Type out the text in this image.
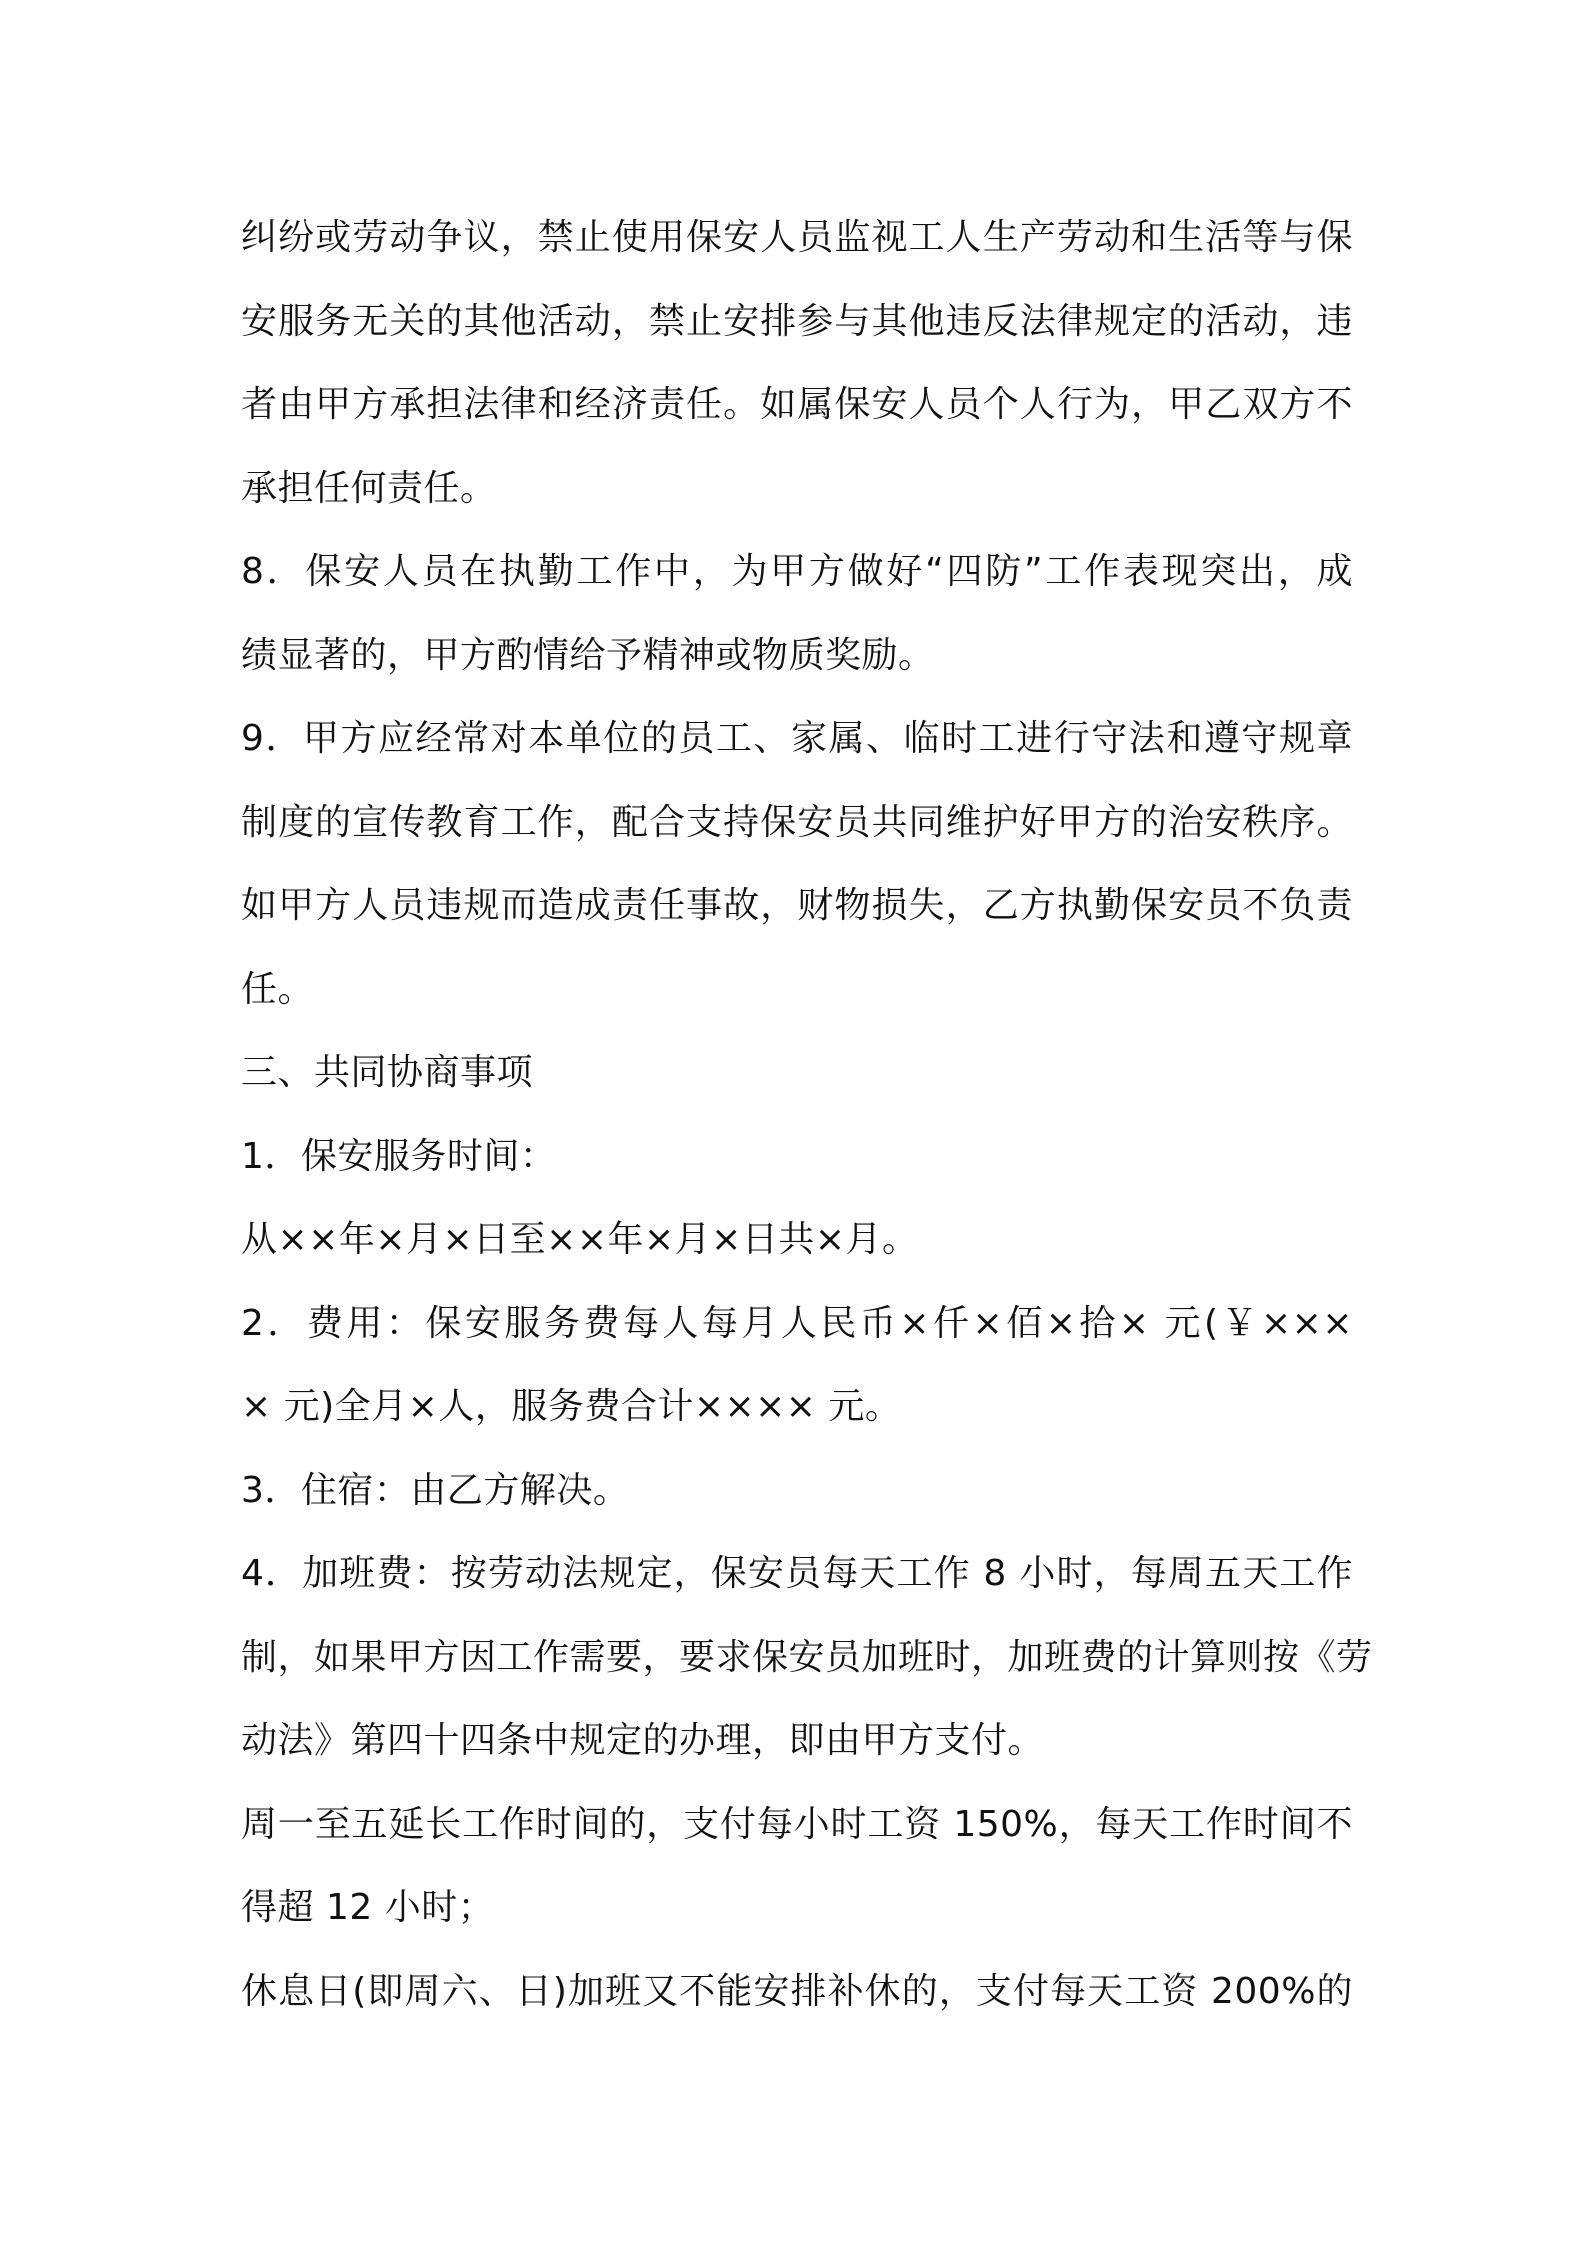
纠纷或劳动争议，禁止使用保安人员监视工人生产劳动和生活等与保
安服务无关的其他活动，禁止安排参与其他违反法律规定的活动，违
者由甲方承担法律和经济责任。如属保安人员个人行为，甲乙双方不
承担任何责任。
8．保安人员在执勤工作中，为甲方做好“四防”工作表现突出，成
绩显著的，甲方酌情给予精神或物质奖励。
9．甲方应经常对本单位的员工、家属、临时工进行守法和遵守规章
制度的宣传教育工作，配合支持保安员共同维护好甲方的治安秩序。
如甲方人员违规而造成责任事故，财物损失，乙方执勤保安员不负责
任。
三、共同协商事项
1．保安服务时间：
从××年×月×日至××年×月×日共×月。
2．费用：保安服务费每人每月人民币×仟×佰×拾× 元(￥×××
× 元)全月×人，服务费合计×××× 元。
3．住宿：由乙方解决。
4．加班费：按劳动法规定，保安员每天工作 8 小时，每周五天工作
制，如果甲方因工作需要，要求保安员加班时，加班费的计算则按《劳
动法》第四十四条中规定的办理，即由甲方支付。
周一至五延长工作时间的，支付每小时工资 150%，每天工作时间不
得超 12 小时；
休息日(即周六、日)加班又不能安排补休的，支付每天工资 200%的
